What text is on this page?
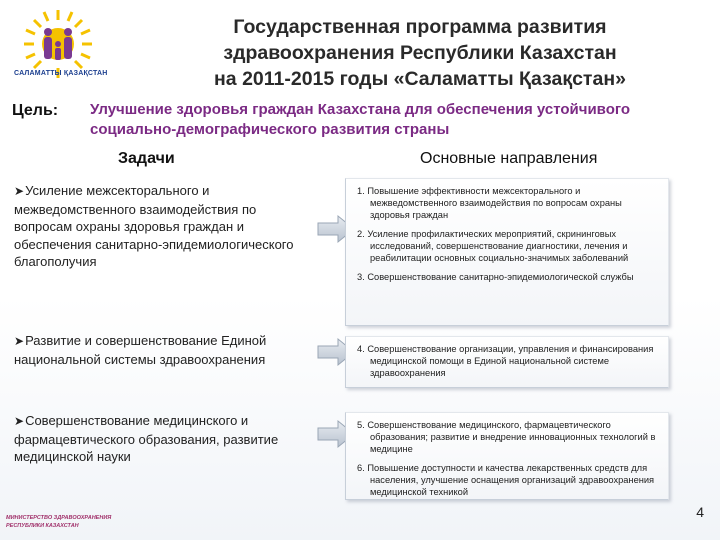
САЛАМАТТЫ ҚАЗАҚСТАН
Государственная программа развития
здравоохранения Республики Казахстан
на 2011-2015 годы «Саламатты Қазақстан»
Цель: Улучшение здоровья граждан Казахстана для обеспечения устойчивого социально-демографического развития страны
Задачи	Основные направления
➤Усиление межсекторального и межведомственного взаимодействия по вопросам охраны здоровья граждан и обеспечения санитарно-эпидемиологического благополучия
➤Развитие и совершенствование Единой национальной системы здравоохранения
➤Совершенствование медицинского и фармацевтического образования, развитие медицинской науки
1. Повышение эффективности межсекторального и межведомственного взаимодействия по вопросам охраны здоровья граждан
2. Усиление профилактических мероприятий, скрининговых исследований, совершенствование диагностики, лечения и реабилитации основных социально-значимых заболеваний
3. Совершенствование санитарно-эпидемиологической службы
4. Совершенствование организации, управления и финансирования медицинской помощи в Единой национальной системе здравоохранения
5. Совершенствование медицинского, фармацевтического образования; развитие и внедрение инновационных технологий в медицине
6. Повышение доступности и качества лекарственных средств для населения, улучшение оснащения организаций здравоохранения медицинской техникой
МИНИСТЕРСТВО ЗДРАВООХРАНЕНИЯ
РЕСПУБЛИКИ КАЗАХСТАН
4
